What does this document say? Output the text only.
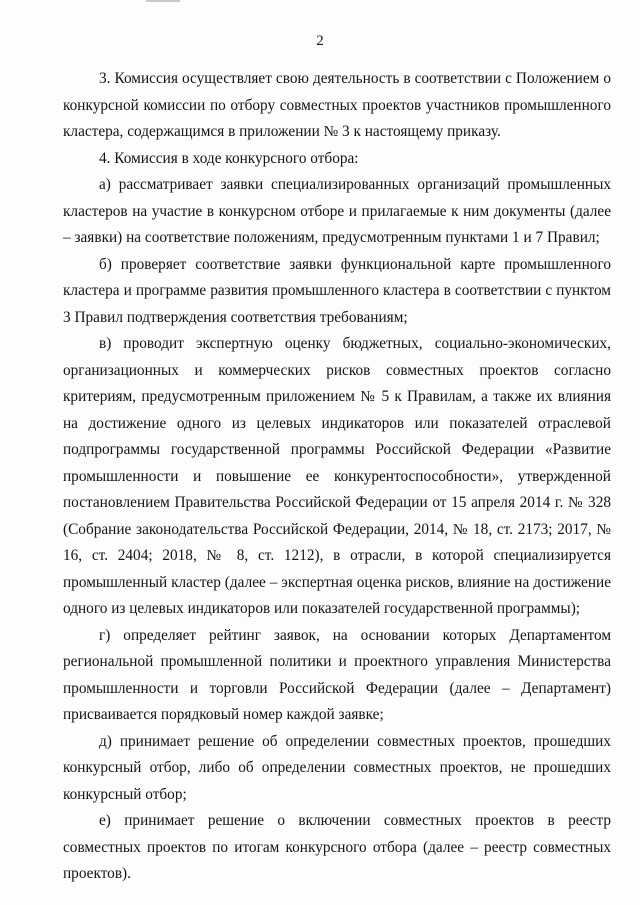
2

3. Комиссия осуществляет свою деятельность в соответствии с Положением о конкурсной комиссии по отбору совместных проектов участников промышленного кластера, содержащимся в приложении № 3 к настоящему приказу.

4. Комиссия в ходе конкурсного отбора:

а) рассматривает заявки специализированных организаций промышленных кластеров на участие в конкурсном отборе и прилагаемые к ним документы (далее – заявки) на соответствие положениям, предусмотренным пунктами 1 и 7 Правил;

б) проверяет соответствие заявки функциональной карте промышленного кластера и программе развития промышленного кластера в соответствии с пунктом 3 Правил подтверждения соответствия требованиям;

в) проводит экспертную оценку бюджетных, социально-экономических, организационных и коммерческих рисков совместных проектов согласно критериям, предусмотренным приложением № 5 к Правилам, а также их влияния на достижение одного из целевых индикаторов или показателей отраслевой подпрограммы государственной программы Российской Федерации «Развитие промышленности и повышение ее конкурентоспособности», утвержденной постановлением Правительства Российской Федерации от 15 апреля 2014 г. № 328 (Собрание законодательства Российской Федерации, 2014, № 18, ст. 2173; 2017, № 16, ст. 2404; 2018, № 8, ст. 1212), в отрасли, в которой специализируется промышленный кластер (далее – экспертная оценка рисков, влияние на достижение одного из целевых индикаторов или показателей государственной программы);

г) определяет рейтинг заявок, на основании которых Департаментом региональной промышленной политики и проектного управления Министерства промышленности и торговли Российской Федерации (далее – Департамент) присваивается порядковый номер каждой заявке;

д) принимает решение об определении совместных проектов, прошедших конкурсный отбор, либо об определении совместных проектов, не прошедших конкурсный отбор;

е) принимает решение о включении совместных проектов в реестр совместных проектов по итогам конкурсного отбора (далее – реестр совместных проектов).
